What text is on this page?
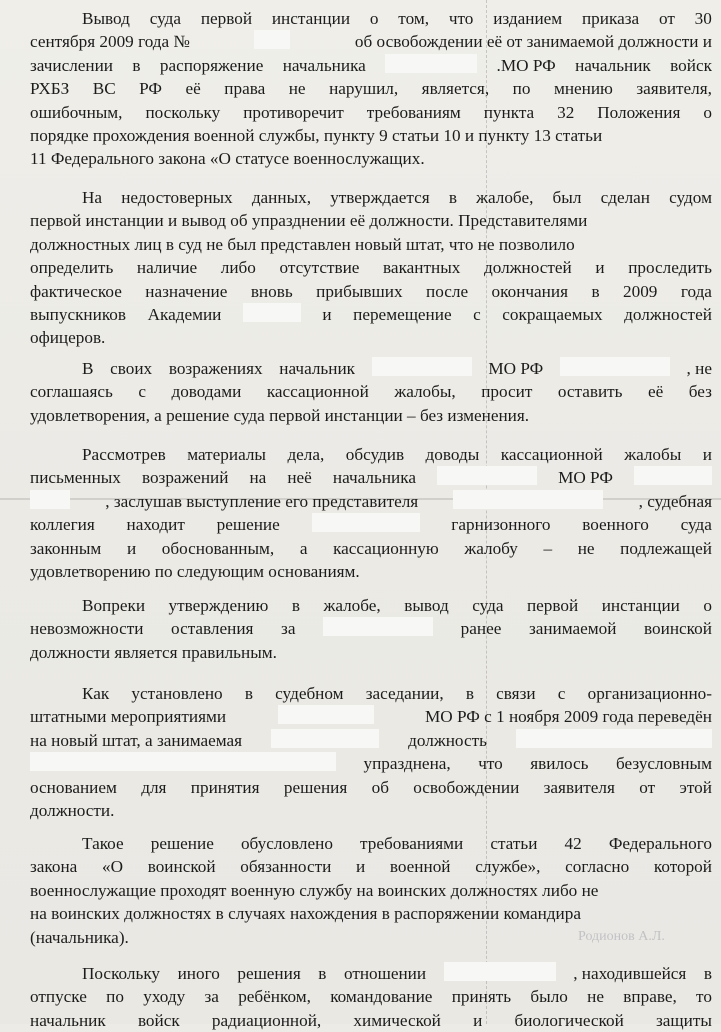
Вывод суда первой инстанции о том, что изданием приказа от 30
сентября 2009 года №	об освобождении её от занимаемой должности и
зачислении в распоряжение начальника	.МО РФ начальник войск
РХБЗ ВС РФ её права не нарушил, является, по мнению заявителя,
ошибочным, поскольку противоречит требованиям пункта 32 Положения о
порядке прохождения военной службы, пункту 9 статьи 10 и пункту 13 статьи
11 Федерального закона «О статусе военнослужащих.
На недостоверных данных, утверждается в жалобе, был сделан судом
первой инстанции и вывод об упразднении её должности. Представителями
должностных лиц в суд не был представлен новый штат, что не позволило
определить наличие либо отсутствие вакантных должностей и проследить
фактическое назначение вновь прибывших после окончания в 2009 года
выпускников Академии	и перемещение с сокращаемых должностей
офицеров.
В своих возражениях начальник	МО РФ	, не
соглашаясь с доводами кассационной жалобы, просит оставить её без
удовлетворения, а решение суда первой инстанции – без изменения.
Рассмотрев материалы дела, обсудив доводы кассационной жалобы и
письменных возражений на неё начальника	МО РФ
, заслушав выступление его представителя	, судебная
коллегия находит решение	гарнизонного военного суда
законным и обоснованным, а кассационную жалобу – не подлежащей
удовлетворению по следующим основаниям.
Вопреки утверждению в жалобе, вывод суда первой инстанции о
невозможности оставления за	ранее занимаемой воинской
должности является правильным.
Как установлено в судебном заседании, в связи с организационно-
штатными мероприятиями	МО РФ с 1 ноября 2009 года переведён
на новый штат, а занимаемая	должность
упразднена, что явилось безусловным
основанием для принятия решения об освобождении заявителя от этой
должности.
Такое решение обусловлено требованиями статьи 42 Федерального
закона «О воинской обязанности и военной службе», согласно которой
военнослужащие проходят военную службу на воинских должностях либо не
на воинских должностях в случаях нахождения в распоряжении командира
(начальника).	Родионов А.Л.
Поскольку иного решения в отношении	, находившейся в
отпуске по уходу за ребёнком, командование принять было не вправе, то
начальник войск радиационной, химической и биологической защиты
